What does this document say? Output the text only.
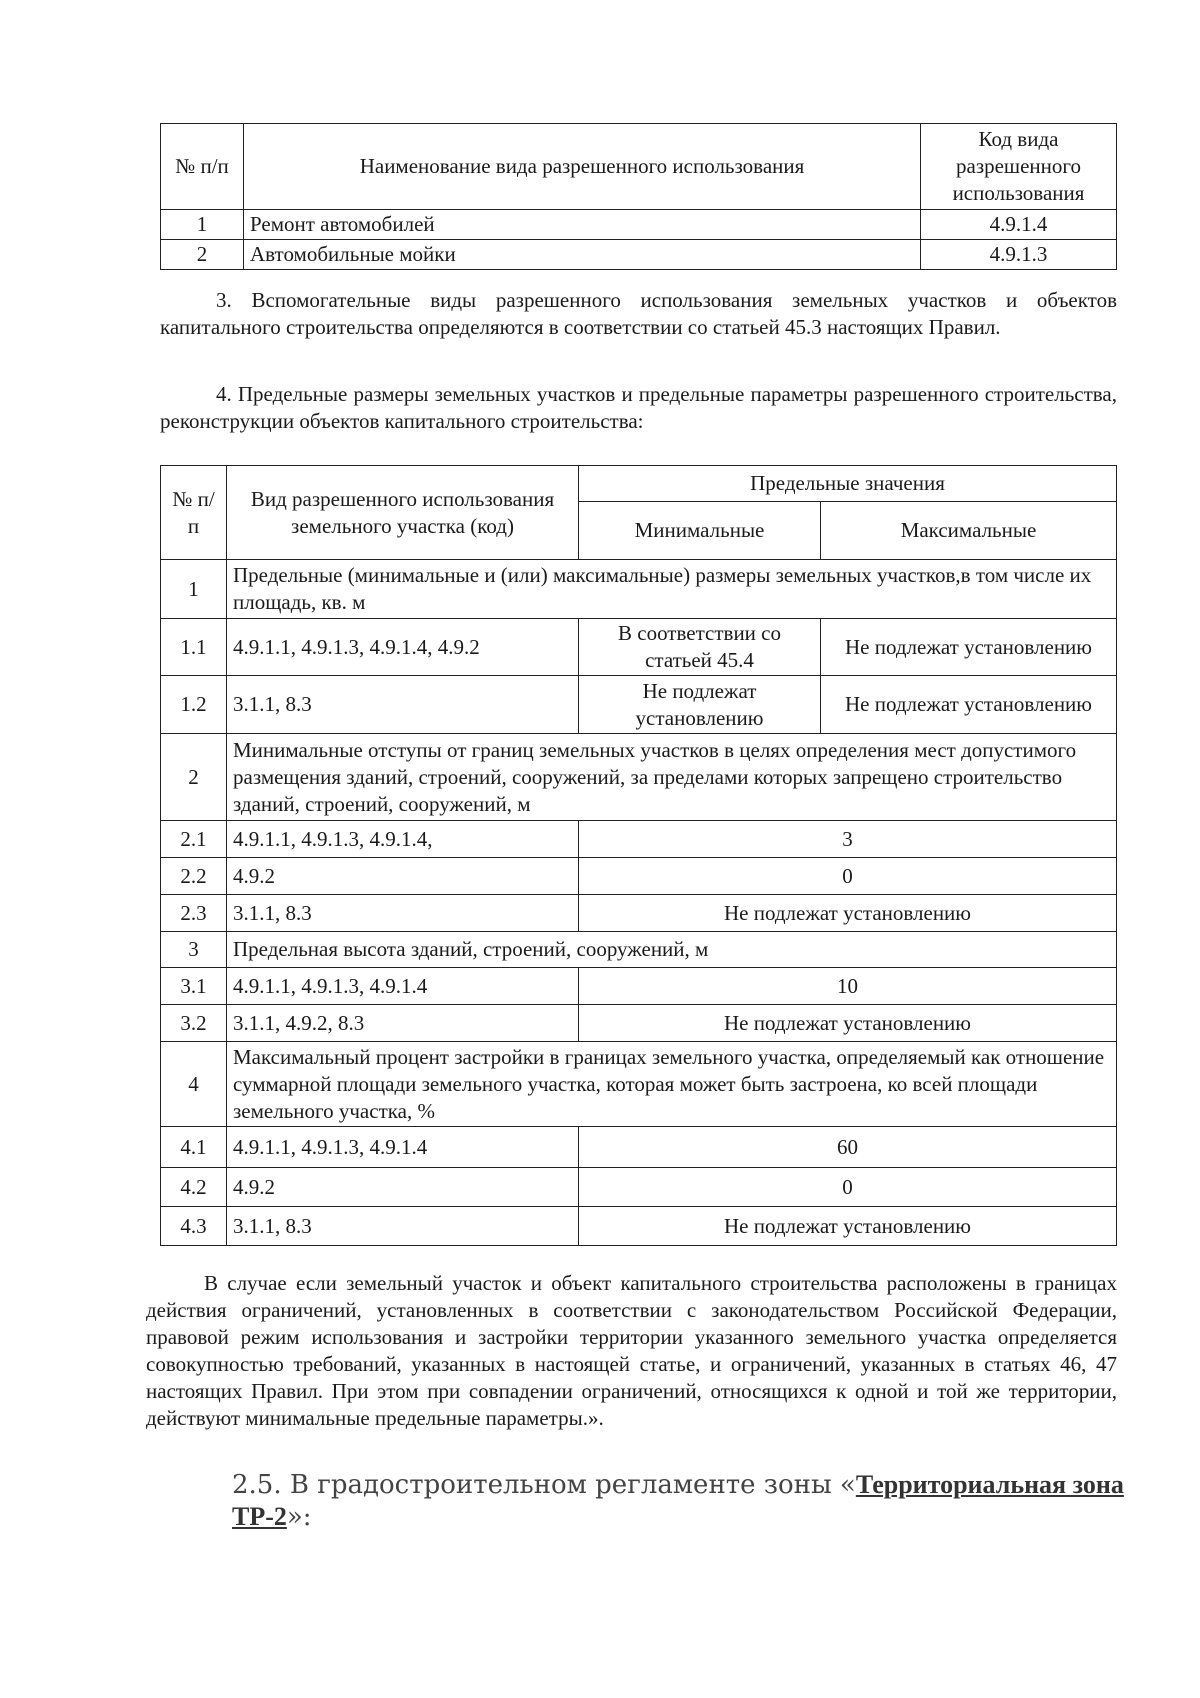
№ п/п	Наименование вида разрешенного использования	Код вида разрешенного использования
1	Ремонт автомобилей	4.9.1.4
2	Автомобильные мойки	4.9.1.3
3. Вспомогательные виды разрешенного использования земельных участков и объектов капитального строительства определяются в соответствии со статьей 45.3 настоящих Правил.
4. Предельные размеры земельных участков и предельные параметры разрешенного строительства, реконструкции объектов капитального строительства:
№ п/п	Вид разрешенного использования земельного участка (код)	Предельные значения	
		Минимальные	Максимальные
1	Предельные (минимальные и (или) максимальные) размеры земельных участков,в том числе их площадь, кв. м		
1.1	4.9.1.1, 4.9.1.3, 4.9.1.4, 4.9.2	В соответствии со статьей 45.4	Не подлежат установлению
1.2	3.1.1, 8.3	Не подлежат установлению	Не подлежат установлению
2	Минимальные отступы от границ земельных участков в целях определения мест допустимого размещения зданий, строений, сооружений, за пределами которых запрещено строительство зданий, строений, сооружений, м		
2.1	4.9.1.1, 4.9.1.3, 4.9.1.4,	3	
2.2	4.9.2	0	
2.3	3.1.1, 8.3	Не подлежат установлению	
3	Предельная высота зданий, строений, сооружений, м		
3.1	4.9.1.1, 4.9.1.3, 4.9.1.4	10	
3.2	3.1.1, 4.9.2, 8.3	Не подлежат установлению	
4	Максимальный процент застройки в границах земельного участка, определяемый как отношение суммарной площади земельного участка, которая может быть застроена, ко всей площади земельного участка, %		
4.1	4.9.1.1, 4.9.1.3, 4.9.1.4	60	
4.2	4.9.2	0	
4.3	3.1.1, 8.3	Не подлежат установлению	
В случае если земельный участок и объект капитального строительства расположены в границах действия ограничений, установленных в соответствии с законодательством Российской Федерации, правовой режим использования и застройки территории указанного земельного участка определяется совокупностью требований, указанных в настоящей статье, и ограничений, указанных в статьях 46, 47 настоящих Правил. При этом при совпадении ограничений, относящихся к одной и той же территории, действуют минимальные предельные параметры.».
2.5. В градостроительном регламенте зоны «Территориальная зона ТР-2»:
